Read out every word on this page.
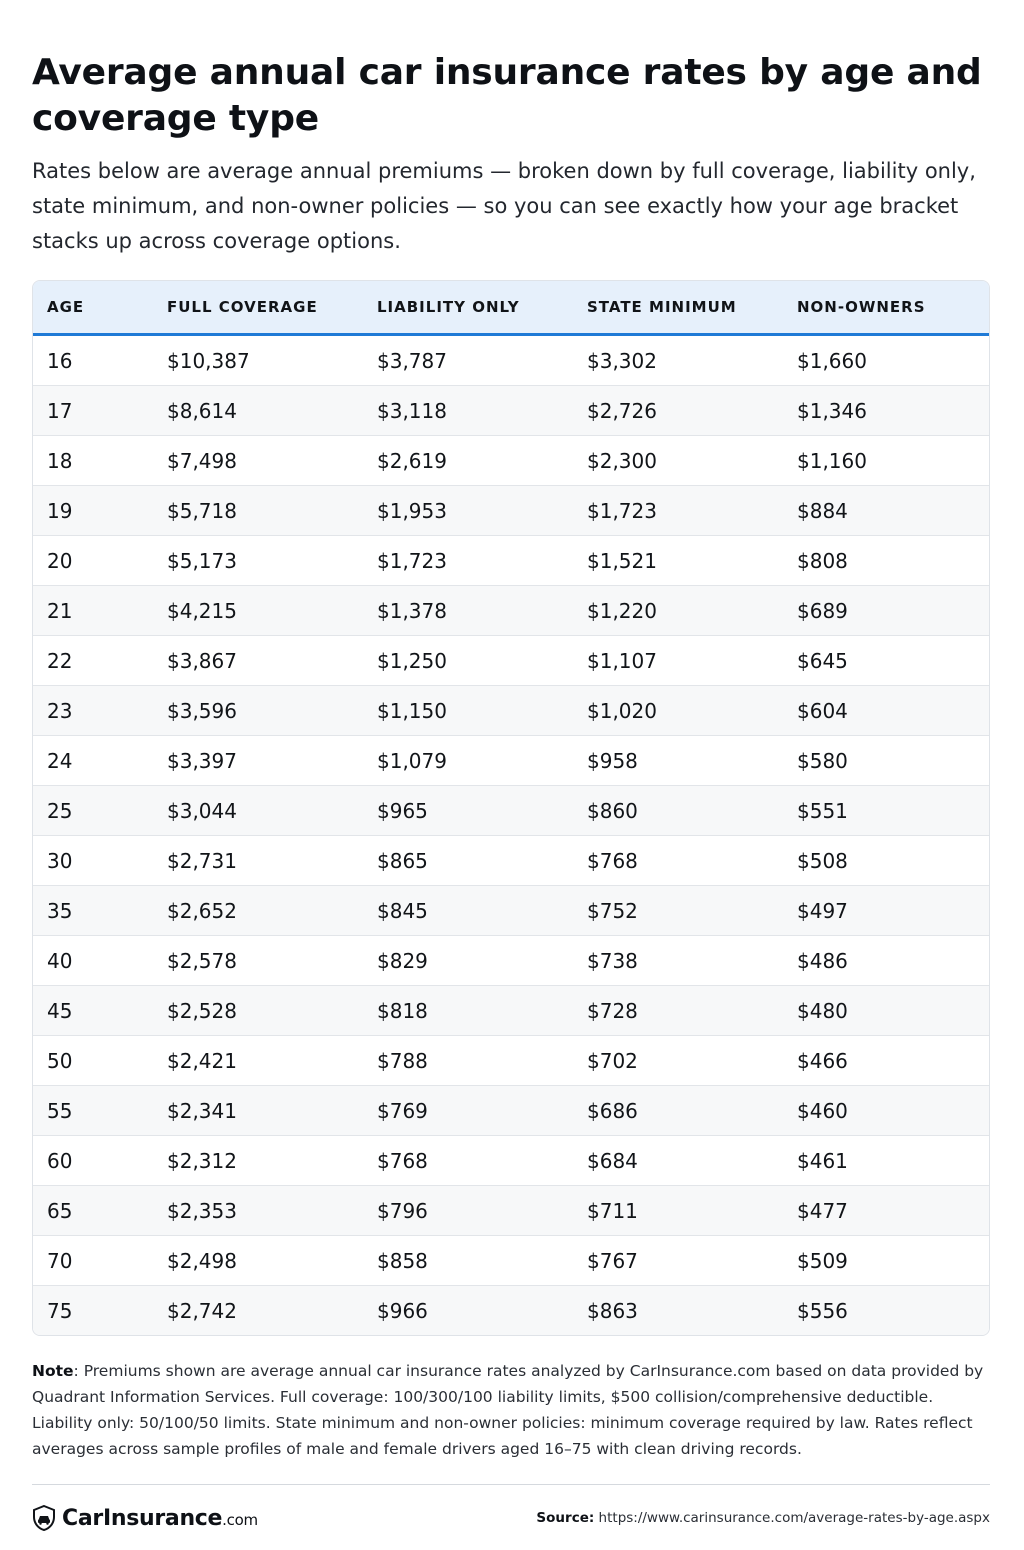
Average annual car insurance rates by age and coverage type

Rates below are average annual premiums — broken down by full coverage, liability only, state minimum, and non-owner policies — so you can see exactly how your age bracket stacks up across coverage options.

AGE	FULL COVERAGE	LIABILITY ONLY	STATE MINIMUM	NON-OWNERS
16	$10,387	$3,787	$3,302	$1,660
17	$8,614	$3,118	$2,726	$1,346
18	$7,498	$2,619	$2,300	$1,160
19	$5,718	$1,953	$1,723	$884
20	$5,173	$1,723	$1,521	$808
21	$4,215	$1,378	$1,220	$689
22	$3,867	$1,250	$1,107	$645
23	$3,596	$1,150	$1,020	$604
24	$3,397	$1,079	$958	$580
25	$3,044	$965	$860	$551
30	$2,731	$865	$768	$508
35	$2,652	$845	$752	$497
40	$2,578	$829	$738	$486
45	$2,528	$818	$728	$480
50	$2,421	$788	$702	$466
55	$2,341	$769	$686	$460
60	$2,312	$768	$684	$461
65	$2,353	$796	$711	$477
70	$2,498	$858	$767	$509
75	$2,742	$966	$863	$556
Note: Premiums shown are average annual car insurance rates analyzed by CarInsurance.com based on data provided by Quadrant Information Services. Full coverage: 100/300/100 liability limits, $500 collision/comprehensive deductible. Liability only: 50/100/50 limits. State minimum and non-owner policies: minimum coverage required by law. Rates reflect averages across sample profiles of male and female drivers aged 16–75 with clean driving records.
CarInsurance.com	Source: https://www.carinsurance.com/average-rates-by-age.aspx
